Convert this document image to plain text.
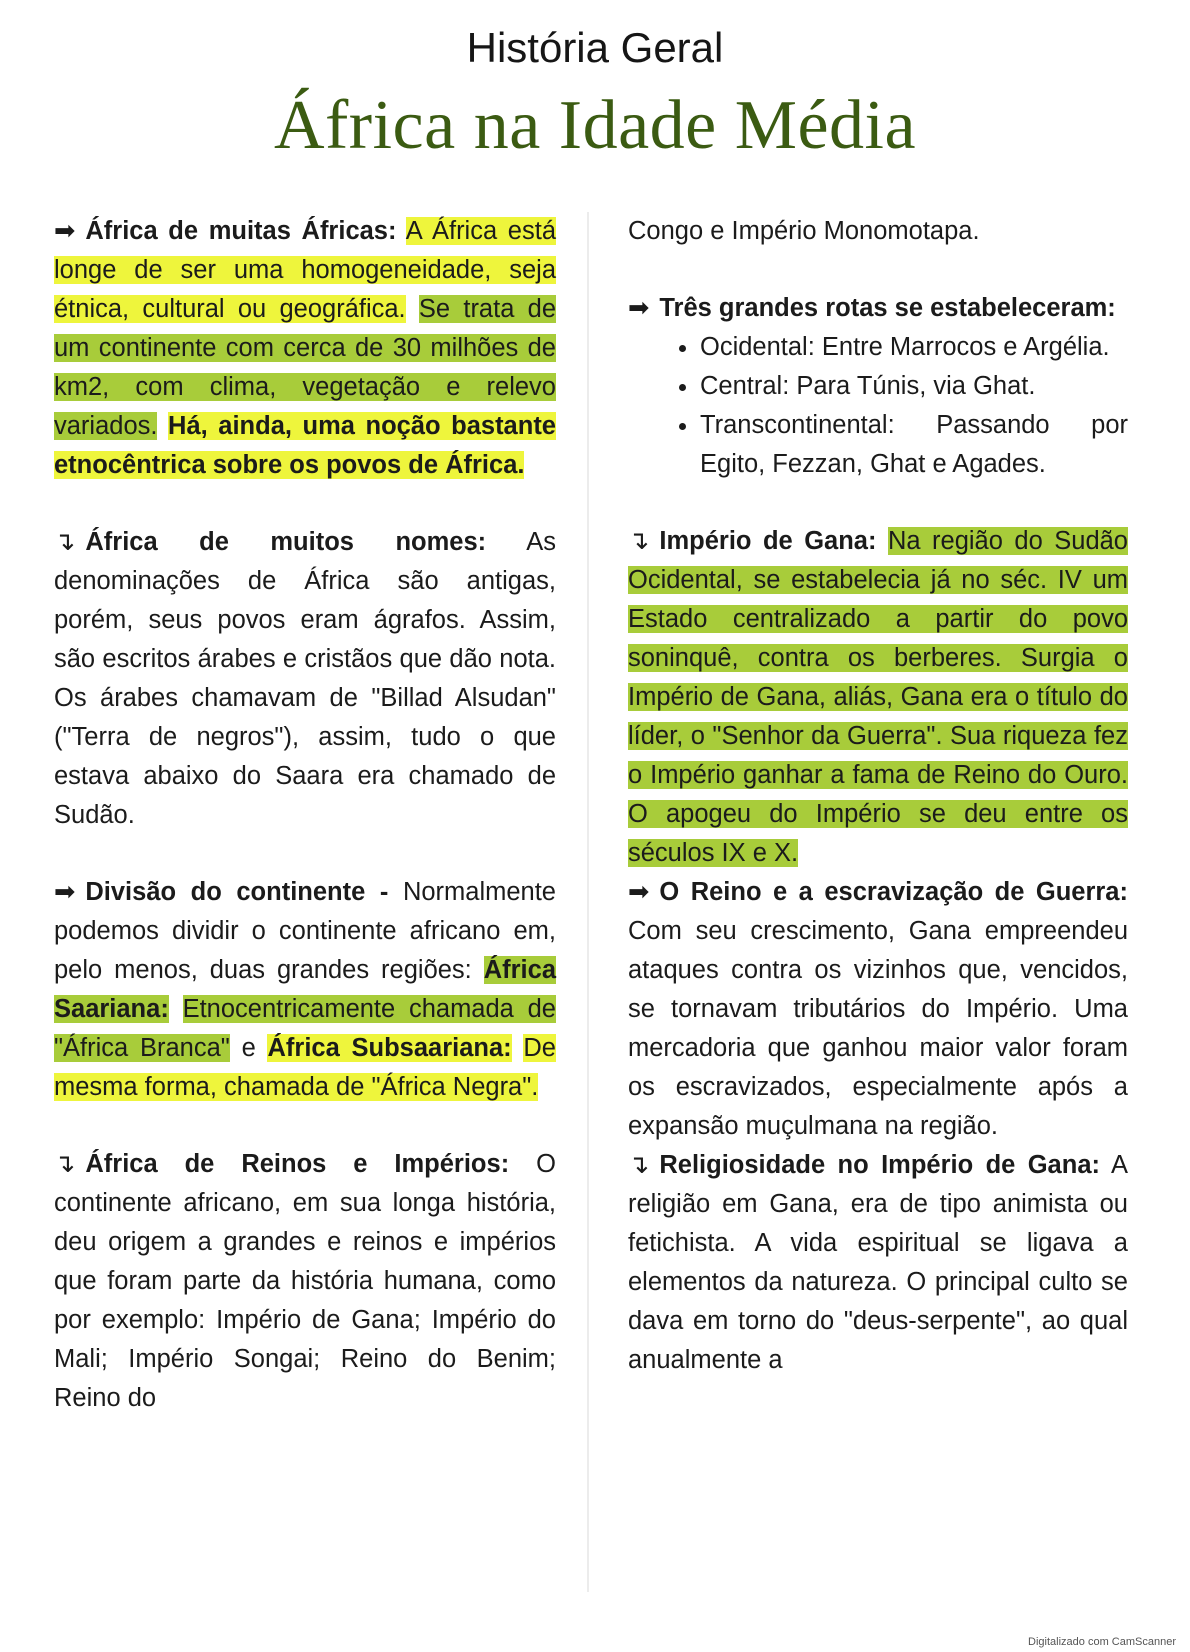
História Geral
África na Idade Média

➡ África de muitas Áfricas: A África está longe de ser uma homogeneidade, seja étnica, cultural ou geográfica. Se trata de um continente com cerca de 30 milhões de km2, com clima, vegetação e relevo variados. Há, ainda, uma noção bastante etnocêntrica sobre os povos de África.

↴ África de muitos nomes: As denominações de África são antigas, porém, seus povos eram ágrafos. Assim, são escritos árabes e cristãos que dão nota. Os árabes chamavam de "Billad Alsudan" ("Terra de negros"), assim, tudo o que estava abaixo do Saara era chamado de Sudão.

➡ Divisão do continente - Normalmente podemos dividir o continente africano em, pelo menos, duas grandes regiões: África Saariana: Etnocentricamente chamada de "África Branca" e África Subsaariana: De mesma forma, chamada de "África Negra".

↴ África de Reinos e Impérios: O continente africano, em sua longa história, deu origem a grandes e reinos e impérios que foram parte da história humana, como por exemplo: Império de Gana; Império do Mali; Império Songai; Reino do Benim; Reino do

Congo e Império Monomotapa.

➡ Três grandes rotas se estabeleceram:

• Ocidental: Entre Marrocos e Argélia.
• Central: Para Túnis, via Ghat.
• Transcontinental: Passando por Egito, Fezzan, Ghat e Agades.

↴ Império de Gana: Na região do Sudão Ocidental, se estabelecia já no séc. IV um Estado centralizado a partir do povo soninquê, contra os berberes. Surgia o Império de Gana, aliás, Gana era o título do líder, o "Senhor da Guerra". Sua riqueza fez o Império ganhar a fama de Reino do Ouro. O apogeu do Império se deu entre os séculos IX e X.

➡ O Reino e a escravização de Guerra: Com seu crescimento, Gana empreendeu ataques contra os vizinhos que, vencidos, se tornavam tributários do Império. Uma mercadoria que ganhou maior valor foram os escravizados, especialmente após a expansão muçulmana na região.

↴ Religiosidade no Império de Gana: A religião em Gana, era de tipo animista ou fetichista. A vida espiritual se ligava a elementos da natureza. O principal culto se dava em torno do "deus-serpente", ao qual anualmente a

Digitalizado com CamScanner
